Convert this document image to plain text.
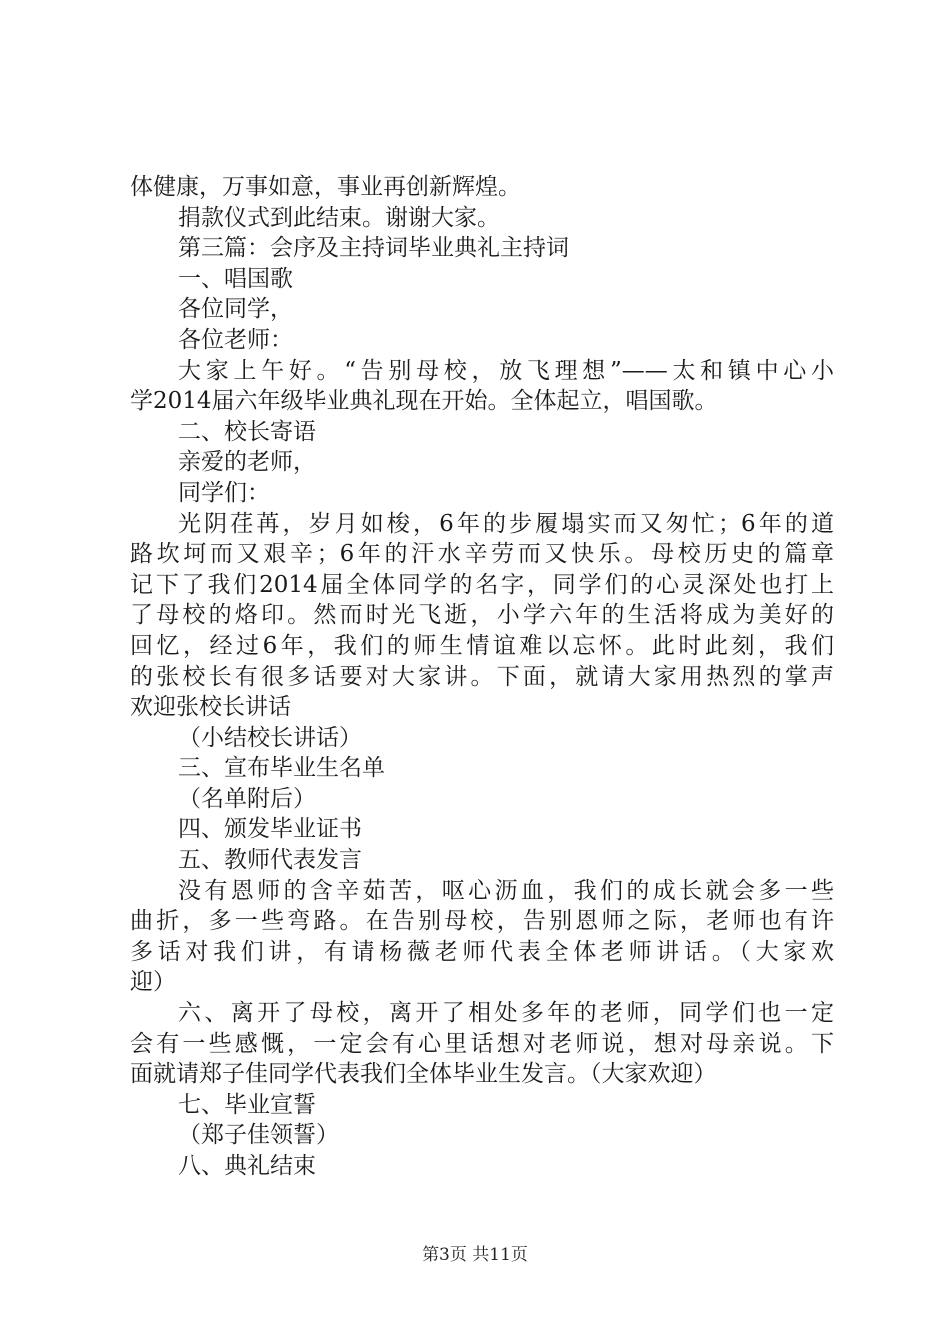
体健康，万事如意，事业再创新辉煌。
捐款仪式到此结束。谢谢大家。
第三篇：会序及主持词毕业典礼主持词
一、唱国歌
各位同学，
各位老师：
大家上午好。“告别母校，放飞理想”——太和镇中心小
学2014届六年级毕业典礼现在开始。全体起立，唱国歌。
二、校长寄语
亲爱的老师，
同学们：
光阴荏苒，岁月如梭，6年的步履塌实而又匆忙；6年的道
路坎坷而又艰辛；6年的汗水辛劳而又快乐。母校历史的篇章
记下了我们2014届全体同学的名字，同学们的心灵深处也打上
了母校的烙印。然而时光飞逝，小学六年的生活将成为美好的
回忆，经过6年，我们的师生情谊难以忘怀。此时此刻，我们
的张校长有很多话要对大家讲。下面，就请大家用热烈的掌声
欢迎张校长讲话
（小结校长讲话）
三、宣布毕业生名单
（名单附后）
四、颁发毕业证书
五、教师代表发言
没有恩师的含辛茹苦，呕心沥血，我们的成长就会多一些
曲折，多一些弯路。在告别母校，告别恩师之际，老师也有许
多话对我们讲，有请杨薇老师代表全体老师讲话。（大家欢
迎）
六、离开了母校，离开了相处多年的老师，同学们也一定
会有一些感慨，一定会有心里话想对老师说，想对母亲说。下
面就请郑子佳同学代表我们全体毕业生发言。（大家欢迎）
七、毕业宣誓
（郑子佳领誓）
八、典礼结束
第3页 共11页
